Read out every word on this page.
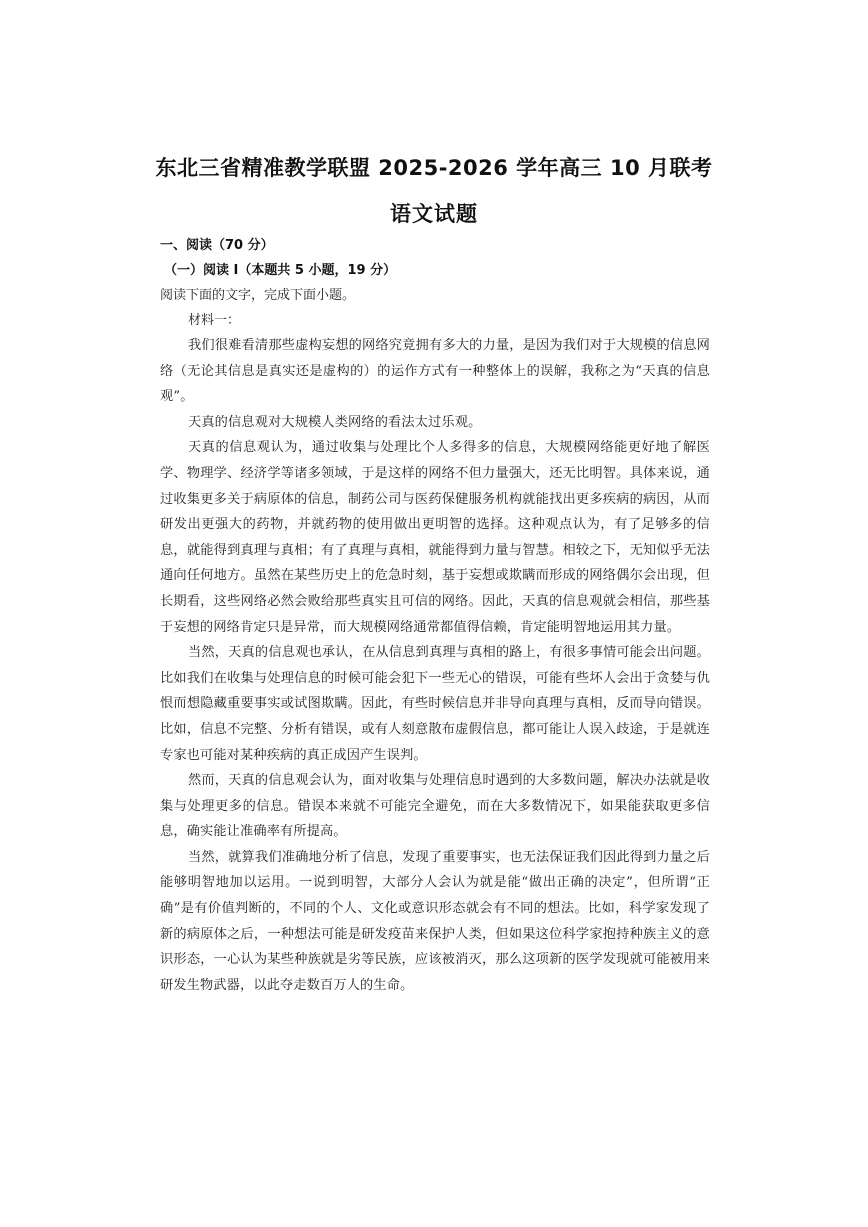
东北三省精准教学联盟 2025-2026 学年高三 10 月联考
语文试题

一、阅读（70 分）

（一）阅读 I（本题共 5 小题，19 分）

阅读下面的文字，完成下面小题。

材料一：

我们很难看清那些虚构妄想的网络究竟拥有多大的力量，是因为我们对于大规模的信息网络（无论其信息是真实还是虚构的）的运作方式有一种整体上的误解，我称之为“天真的信息观”。

天真的信息观对大规模人类网络的看法太过乐观。

天真的信息观认为，通过收集与处理比个人多得多的信息，大规模网络能更好地了解医学、物理学、经济学等诸多领域，于是这样的网络不但力量强大，还无比明智。具体来说，通过收集更多关于病原体的信息，制药公司与医药保健服务机构就能找出更多疾病的病因，从而研发出更强大的药物，并就药物的使用做出更明智的选择。这种观点认为，有了足够多的信息，就能得到真理与真相；有了真理与真相，就能得到力量与智慧。相较之下，无知似乎无法通向任何地方。虽然在某些历史上的危急时刻，基于妄想或欺瞒而形成的网络偶尔会出现，但长期看，这些网络必然会败给那些真实且可信的网络。因此，天真的信息观就会相信，那些基于妄想的网络肯定只是异常，而大规模网络通常都值得信赖，肯定能明智地运用其力量。

当然，天真的信息观也承认，在从信息到真理与真相的路上，有很多事情可能会出问题。比如我们在收集与处理信息的时候可能会犯下一些无心的错误，可能有些坏人会出于贪婪与仇恨而想隐藏重要事实或试图欺瞒。因此，有些时候信息并非导向真理与真相，反而导向错误。比如，信息不完整、分析有错误，或有人刻意散布虚假信息，都可能让人误入歧途，于是就连专家也可能对某种疾病的真正成因产生误判。

然而，天真的信息观会认为，面对收集与处理信息时遇到的大多数问题，解决办法就是收集与处理更多的信息。错误本来就不可能完全避免，而在大多数情况下，如果能获取更多信息，确实能让准确率有所提高。

当然，就算我们准确地分析了信息，发现了重要事实，也无法保证我们因此得到力量之后能够明智地加以运用。一说到明智，大部分人会认为就是能“做出正确的决定”，但所谓“正确”是有价值判断的，不同的个人、文化或意识形态就会有不同的想法。比如，科学家发现了新的病原体之后，一种想法可能是研发疫苗来保护人类，但如果这位科学家抱持种族主义的意识形态，一心认为某些种族就是劣等民族，应该被消灭，那么这项新的医学发现就可能被用来研发生物武器，以此夺走数百万人的生命。
